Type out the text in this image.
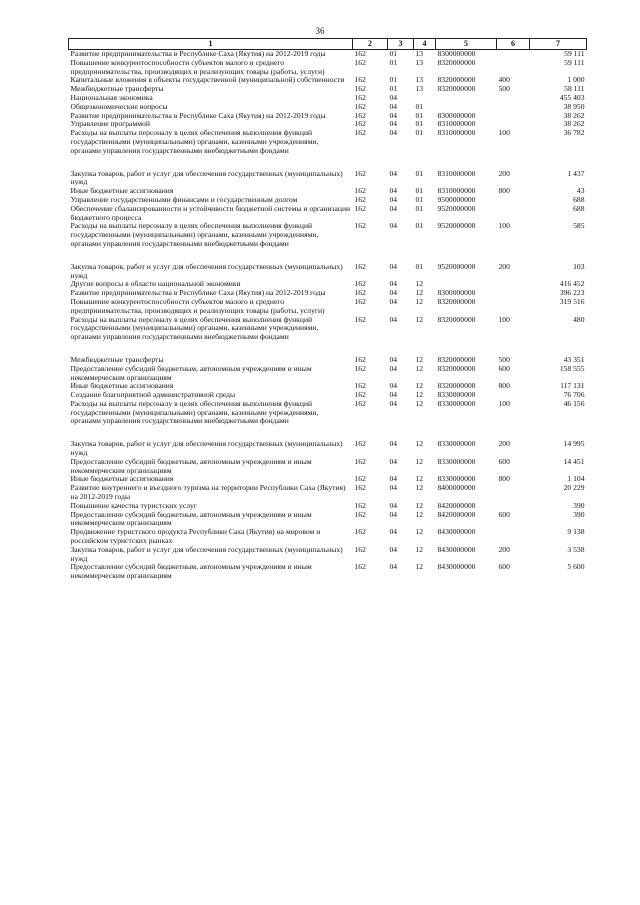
36
1	2	3	4	5	6	7
Развитие предпринимательства в Республике Саха (Якутия) на 2012-2019 годы	162	01	13	8300000000		59 111
Повышение конкурентоспособности субъектов малого и среднего предпринимательства, производящих и реализующих товары (работы, услуги)	162	01	13	8320000000		59 111
Капитальные вложения в объекты государственной (муниципальной) собственности	162	01	13	8320000000	400	1 000
Межбюджетные трансферты	162	01	13	8320000000	500	58 111
Национальная экономика	162	04				455 403
Общеэкономические вопросы	162	04	01			38 950
Развитие предпринимательства в Республике Саха (Якутия) на 2012-2019 годы	162	04	01	8300000000		38 262
Управление программой	162	04	01	8310000000		38 262
Расходы на выплаты персоналу в целях обеспечения выполнения функций государственными (муниципальными) органами, казенными учреждениями, органами управления государственными внебюджетными фондами	162	04	01	8310000000	100	36 782

Закупка товаров, работ и услуг для обеспечения государственных (муниципальных) нужд	162	04	01	8310000000	200	1 437
Иные бюджетные ассигнования	162	04	01	8310000000	800	43
Управление государственными финансами и государственным долгом	162	04	01	9500000000		688
Обеспечение сбалансированности и устойчивости бюджетной системы и организации бюджетного процесса	162	04	01	9520000000		688
Расходы на выплаты персоналу в целях обеспечения выполнения функций государственными (муниципальными) органами, казенными учреждениями, органами управления государственными внебюджетными фондами	162	04	01	9520000000	100	585

Закупка товаров, работ и услуг для обеспечения государственных (муниципальных) нужд	162	04	01	9520000000	200	103
Другие вопросы в области национальной экономики	162	04	12			416 452
Развитие предпринимательства в Республике Саха (Якутия) на 2012-2019 годы	162	04	12	8300000000		396 223
Повышение конкурентоспособности субъектов малого и среднего предпринимательства, производящих и реализующих товары (работы, услуги)	162	04	12	8320000000		319 516
Расходы на выплаты персоналу в целях обеспечения выполнения функций государственными (муниципальными) органами, казенными учреждениями, органами управления государственными внебюджетными фондами	162	04	12	8320000000	100	480

Межбюджетные трансферты	162	04	12	8320000000	500	43 351
Предоставление субсидий бюджетным, автономным учреждениям и иным некоммерческим организациям	162	04	12	8320000000	600	158 555
Иные бюджетные ассигнования	162	04	12	8320000000	800	117 131
Создание благоприятной административной среды	162	04	12	8330000000		76 706
Расходы на выплаты персоналу в целях обеспечения выполнения функций государственными (муниципальными) органами, казенными учреждениями, органами управления государственными внебюджетными фондами	162	04	12	8330000000	100	46 156

Закупка товаров, работ и услуг для обеспечения государственных (муниципальных) нужд	162	04	12	8330000000	200	14 995
Предоставление субсидий бюджетным, автономным учреждениям и иным некоммерческим организациям	162	04	12	8330000000	600	14 451
Иные бюджетные ассигнования	162	04	12	8330000000	800	1 104
Развитие внутреннего и въездного туризма на территории Республики Саха (Якутия) на 2012-2019 годы	162	04	12	8400000000		20 229
Повышение качества туристских услуг	162	04	12	8420000000		390
Предоставление субсидий бюджетным, автономным учреждениям и иным некоммерческим организациям	162	04	12	8420000000	600	390
Продвижение туристского продукта Республики Саха (Якутия) на мировом и российском туристских рынках	162	04	12	8430000000		9 138
Закупка товаров, работ и услуг для обеспечения государственных (муниципальных) нужд	162	04	12	8430000000	200	3 538
Предоставление субсидий бюджетным, автономным учреждениям и иным некоммерческим организациям	162	04	12	8430000000	600	5 600
